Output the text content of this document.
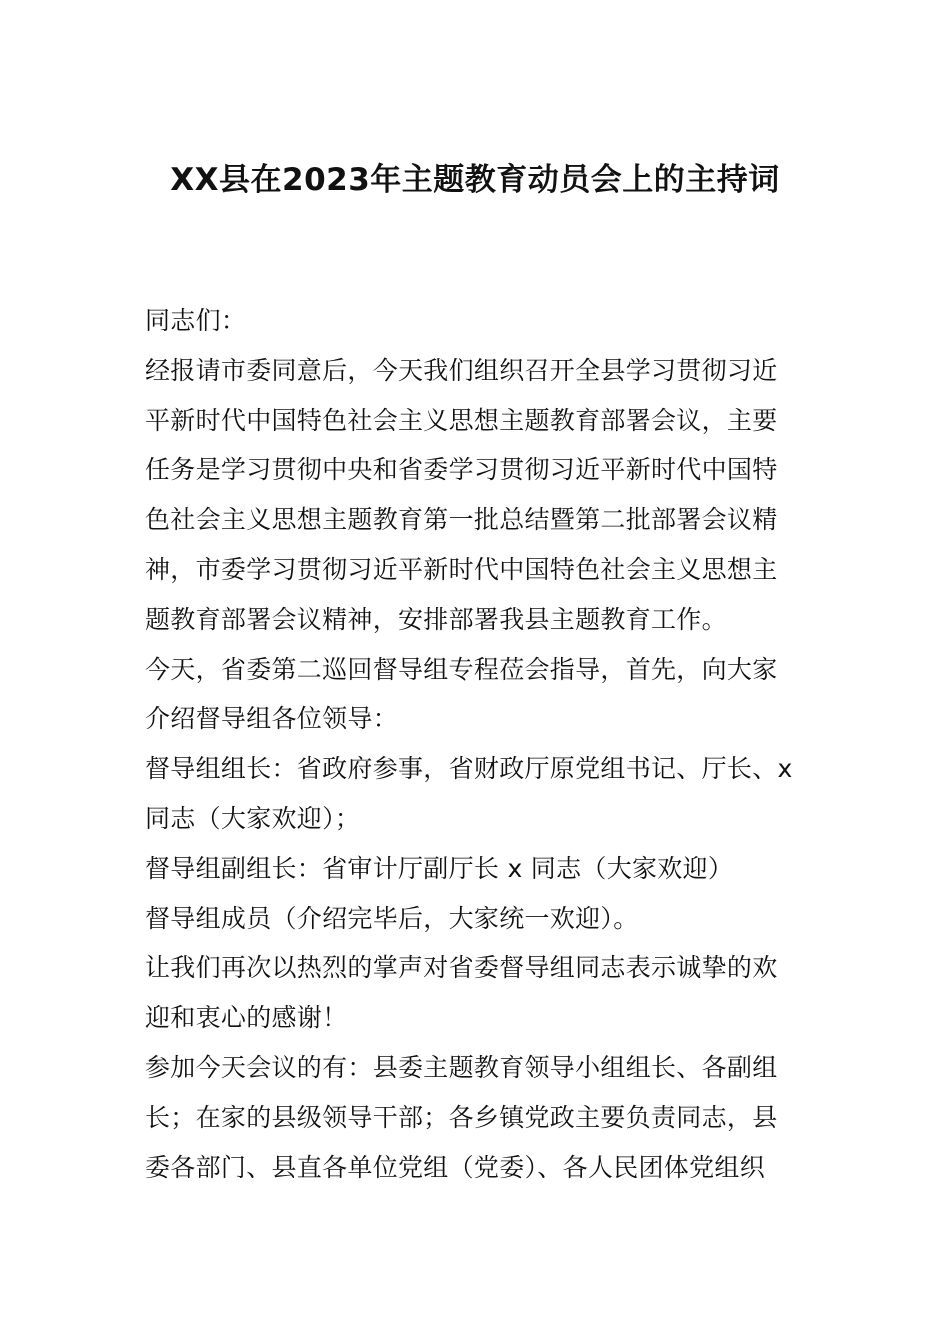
XX县在2023年主题教育动员会上的主持词
同志们：
经报请市委同意后，今天我们组织召开全县学习贯彻习近
平新时代中国特色社会主义思想主题教育部署会议，主要
任务是学习贯彻中央和省委学习贯彻习近平新时代中国特
色社会主义思想主题教育第一批总结暨第二批部署会议精
神，市委学习贯彻习近平新时代中国特色社会主义思想主
题教育部署会议精神，安排部署我县主题教育工作。
今天，省委第二巡回督导组专程莅会指导，首先，向大家
介绍督导组各位领导：
督导组组长：省政府参事，省财政厅原党组书记、厅长、x
同志（大家欢迎）；
督导组副组长：省审计厅副厅长 x 同志（大家欢迎）
督导组成员（介绍完毕后，大家统一欢迎）。
让我们再次以热烈的掌声对省委督导组同志表示诚挚的欢
迎和衷心的感谢！
参加今天会议的有：县委主题教育领导小组组长、各副组
长；在家的县级领导干部；各乡镇党政主要负责同志，县
委各部门、县直各单位党组（党委）、各人民团体党组织
